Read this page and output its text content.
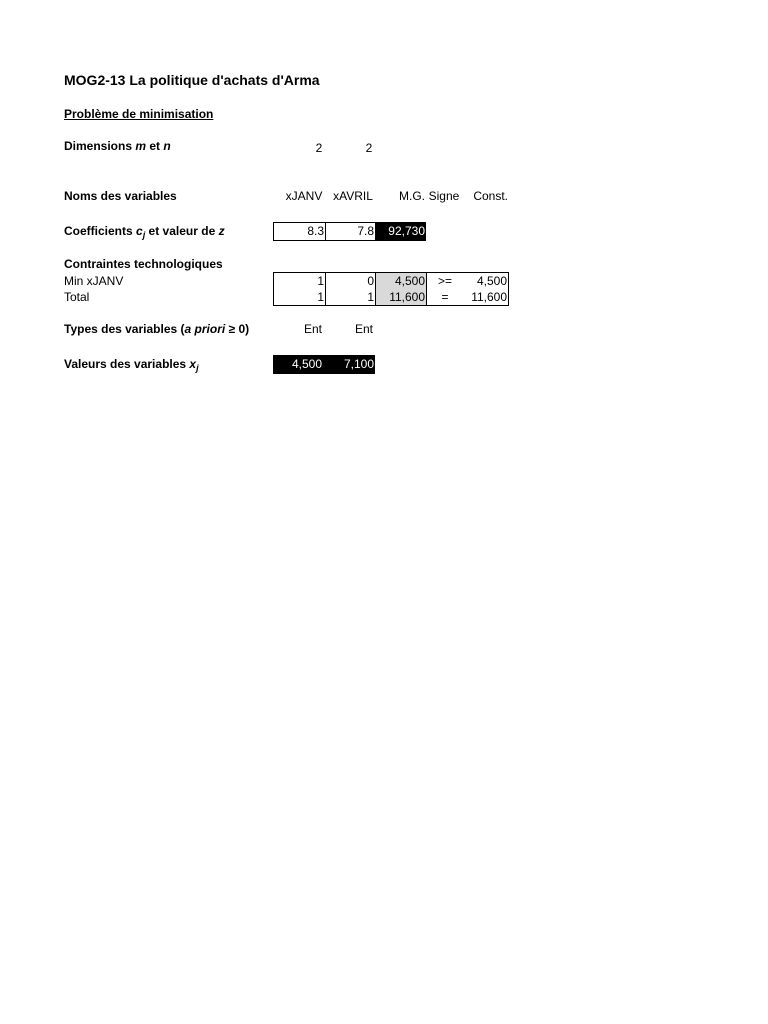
MOG2-13 La politique d'achats d'Arma
Problème de minimisation
Dimensions m et n	2	2
Noms des variables	xJANV xAVRIL	M.G. Signe	Const.
Coefficients $c_j$ et valeur de z	8.3	7.8	92,730
Contraintes technologiques
Min xJANV	1	0	4,500	>=	4,500
Total	1	1	11,600	=	11,600
Types des variables (a priori ≥ 0)	Ent	Ent
Valeurs des variables $x_j$	4,500	7,100
